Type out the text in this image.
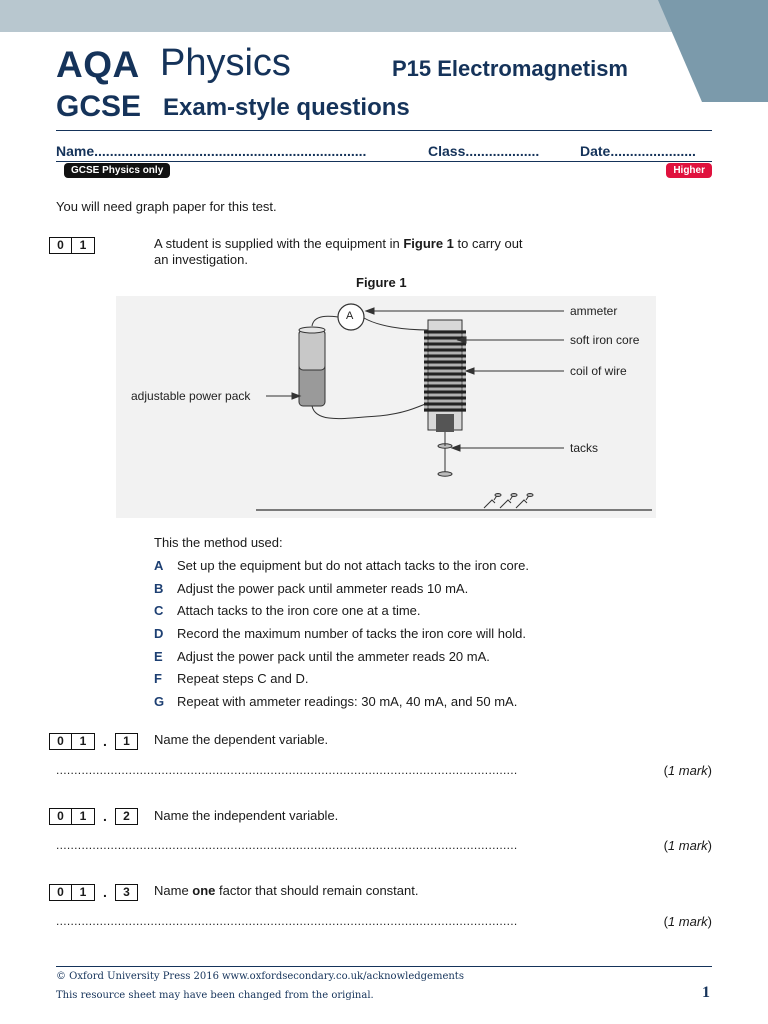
AQA Physics
GCSE Exam-style questions
P15 Electromagnetism
Name......................................................................	Class...................	Date......................
GCSE Physics only	Higher
You will need graph paper for this test.
0	1	A student is supplied with the equipment in Figure 1 to carry out
an investigation.
Figure 1
A	ammeter
soft iron core
coil of wire
adjustable power pack
tacks
This the method used:
A Set up the equipment but do not attach tacks to the iron core.
B Adjust the power pack until ammeter reads 10 mA.
C Attach tacks to the iron core one at a time.
D Record the maximum number of tacks the iron core will hold.
E Adjust the power pack until the ammeter reads 20 mA.
F Repeat steps C and D.
G Repeat with ammeter readings: 30 mA, 40 mA, and 50 mA.
0	1	.	1	Name the dependent variable.
...............................................................................................................................	(1 mark)
0	1	.	2	Name the independent variable.
...............................................................................................................................	(1 mark)
0	1	.	3	Name one factor that should remain constant.
...............................................................................................................................	(1 mark)
© Oxford University Press 2016 www.oxfordsecondary.co.uk/acknowledgements
This resource sheet may have been changed from the original.	1
